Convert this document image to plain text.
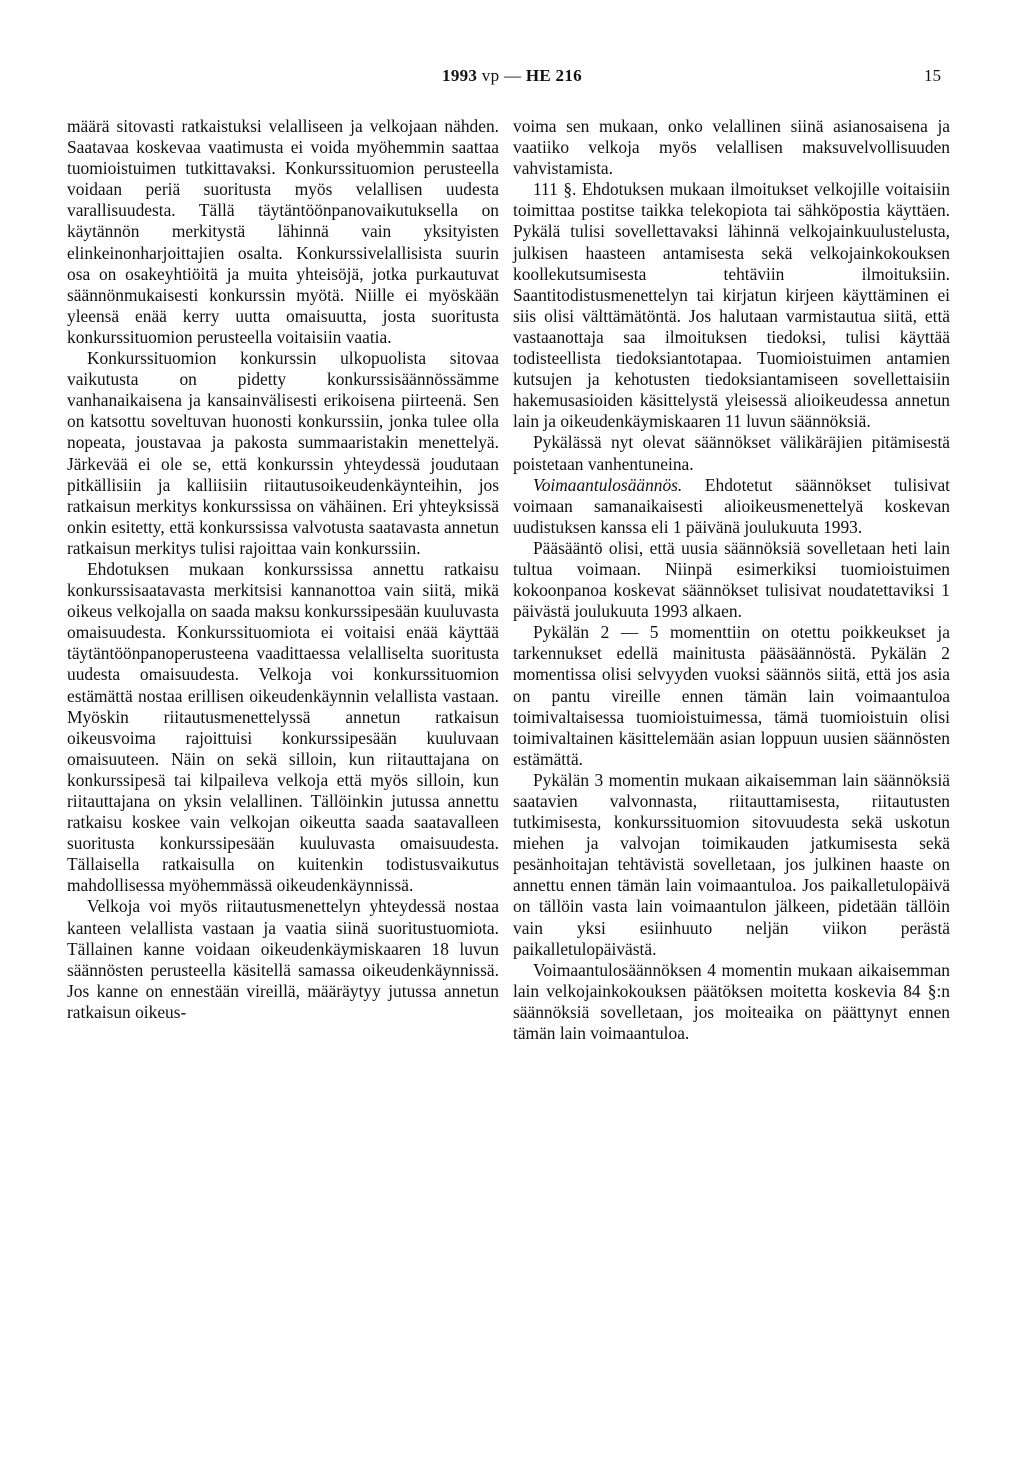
1993 vp — HE 216	15

määrä sitovasti ratkaistuksi velalliseen ja velkojaan nähden. Saatavaa koskevaa vaatimusta ei voida myöhemmin saattaa tuomioistuimen tutkittavaksi. Konkurssituomion perusteella voidaan periä suoritusta myös velallisen uudesta varallisuudesta. Tällä täytäntöönpanovaikutuksella on käytännön merkitystä lähinnä vain yksityisten elinkeinonharjoittajien osalta. Konkurssivelallisista suurin osa on osakeyhtiöitä ja muita yhteisöjä, jotka purkautuvat säännönmukaisesti konkurssin myötä. Niille ei myöskään yleensä enää kerry uutta omaisuutta, josta suoritusta konkurssituomion perusteella voitaisiin vaatia.

Konkurssituomion konkurssin ulkopuolista sitovaa vaikutusta on pidetty konkurssisäännössämme vanhanaikaisena ja kansainvälisesti erikoisena piirteenä. Sen on katsottu soveltuvan huonosti konkurssiin, jonka tulee olla nopeata, joustavaa ja pakosta summaaristakin menettelyä. Järkevää ei ole se, että konkurssin yhteydessä joudutaan pitkällisiin ja kalliisiin riitautusoikeudenkäynteihin, jos ratkaisun merkitys konkurssissa on vähäinen. Eri yhteyksissä onkin esitetty, että konkurssissa valvotusta saatavasta annetun ratkaisun merkitys tulisi rajoittaa vain konkurssiin.

Ehdotuksen mukaan konkurssissa annettu ratkaisu konkurssisaatavasta merkitsisi kannanottoa vain siitä, mikä oikeus velkojalla on saada maksu konkurssipesään kuuluvasta omaisuudesta. Konkurssituomiota ei voitaisi enää käyttää täytäntöönpanoperusteena vaadittaessa velalliselta suoritusta uudesta omaisuudesta. Velkoja voi konkurssituomion estämättä nostaa erillisen oikeudenkäynnin velallista vastaan. Myöskin riitautusmenettelyssä annetun ratkaisun oikeusvoima rajoittuisi konkurssipesään kuuluvaan omaisuuteen. Näin on sekä silloin, kun riitauttajana on konkurssipesä tai kilpaileva velkoja että myös silloin, kun riitauttajana on yksin velallinen. Tällöinkin jutussa annettu ratkaisu koskee vain velkojan oikeutta saada saatavalleen suoritusta konkurssipesään kuuluvasta omaisuudesta. Tällaisella ratkaisulla on kuitenkin todistusvaikutus mahdollisessa myöhemmässä oikeudenkäynnissä.

Velkoja voi myös riitautusmenettelyn yhteydessä nostaa kanteen velallista vastaan ja vaatia siinä suoritustuomiota. Tällainen kanne voidaan oikeudenkäymiskaaren 18 luvun säännösten perusteella käsitellä samassa oikeudenkäynnissä. Jos kanne on ennestään vireillä, määräytyy jutussa annetun ratkaisun oikeus-

voima sen mukaan, onko velallinen siinä asianosaisena ja vaatiiko velkoja myös velallisen maksuvelvollisuuden vahvistamista.

111 §. Ehdotuksen mukaan ilmoitukset velkojille voitaisiin toimittaa postitse taikka telekopiota tai sähköpostia käyttäen. Pykälä tulisi sovellettavaksi lähinnä velkojainkuulustelusta, julkisen haasteen antamisesta sekä velkojainkokouksen koollekutsumisesta tehtäviin ilmoituksiin. Saantitodistusmenettelyn tai kirjatun kirjeen käyttäminen ei siis olisi välttämätöntä. Jos halutaan varmistautua siitä, että vastaanottaja saa ilmoituksen tiedoksi, tulisi käyttää todisteellista tiedoksiantotapaa. Tuomioistuimen antamien kutsujen ja kehotusten tiedoksiantamiseen sovellettaisiin hakemusasioiden käsittelystä yleisessä alioikeudessa annetun lain ja oikeudenkäymiskaaren 11 luvun säännöksiä.

Pykälässä nyt olevat säännökset välikäräjien pitämisestä poistetaan vanhentuneina.

Voimaantulosäännös. Ehdotetut säännökset tulisivat voimaan samanaikaisesti alioikeusmenettelyä koskevan uudistuksen kanssa eli 1 päivänä joulukuuta 1993.

Pääsääntö olisi, että uusia säännöksiä sovelletaan heti lain tultua voimaan. Niinpä esimerkiksi tuomioistuimen kokoonpanoa koskevat säännökset tulisivat noudatettaviksi 1 päivästä joulukuuta 1993 alkaen.

Pykälän 2 — 5 momenttiin on otettu poikkeukset ja tarkennukset edellä mainitusta pääsäännöstä. Pykälän 2 momentissa olisi selvyyden vuoksi säännös siitä, että jos asia on pantu vireille ennen tämän lain voimaantuloa toimivaltaisessa tuomioistuimessa, tämä tuomioistuin olisi toimivaltainen käsittelemään asian loppuun uusien säännösten estämättä.

Pykälän 3 momentin mukaan aikaisemman lain säännöksiä saatavien valvonnasta, riitauttamisesta, riitautusten tutkimisesta, konkurssituomion sitovuudesta sekä uskotun miehen ja valvojan toimikauden jatkumisesta sekä pesänhoitajan tehtävistä sovelletaan, jos julkinen haaste on annettu ennen tämän lain voimaantuloa. Jos paikalletulopäivä on tällöin vasta lain voimaantulon jälkeen, pidetään tällöin vain yksi esiinhuuto neljän viikon perästä paikalletulopäivästä.

Voimaantulosäännöksen 4 momentin mukaan aikaisemman lain velkojainkokouksen päätöksen moitetta koskevia 84 §:n säännöksiä sovelletaan, jos moiteaika on päättynyt ennen tämän lain voimaantuloa.
